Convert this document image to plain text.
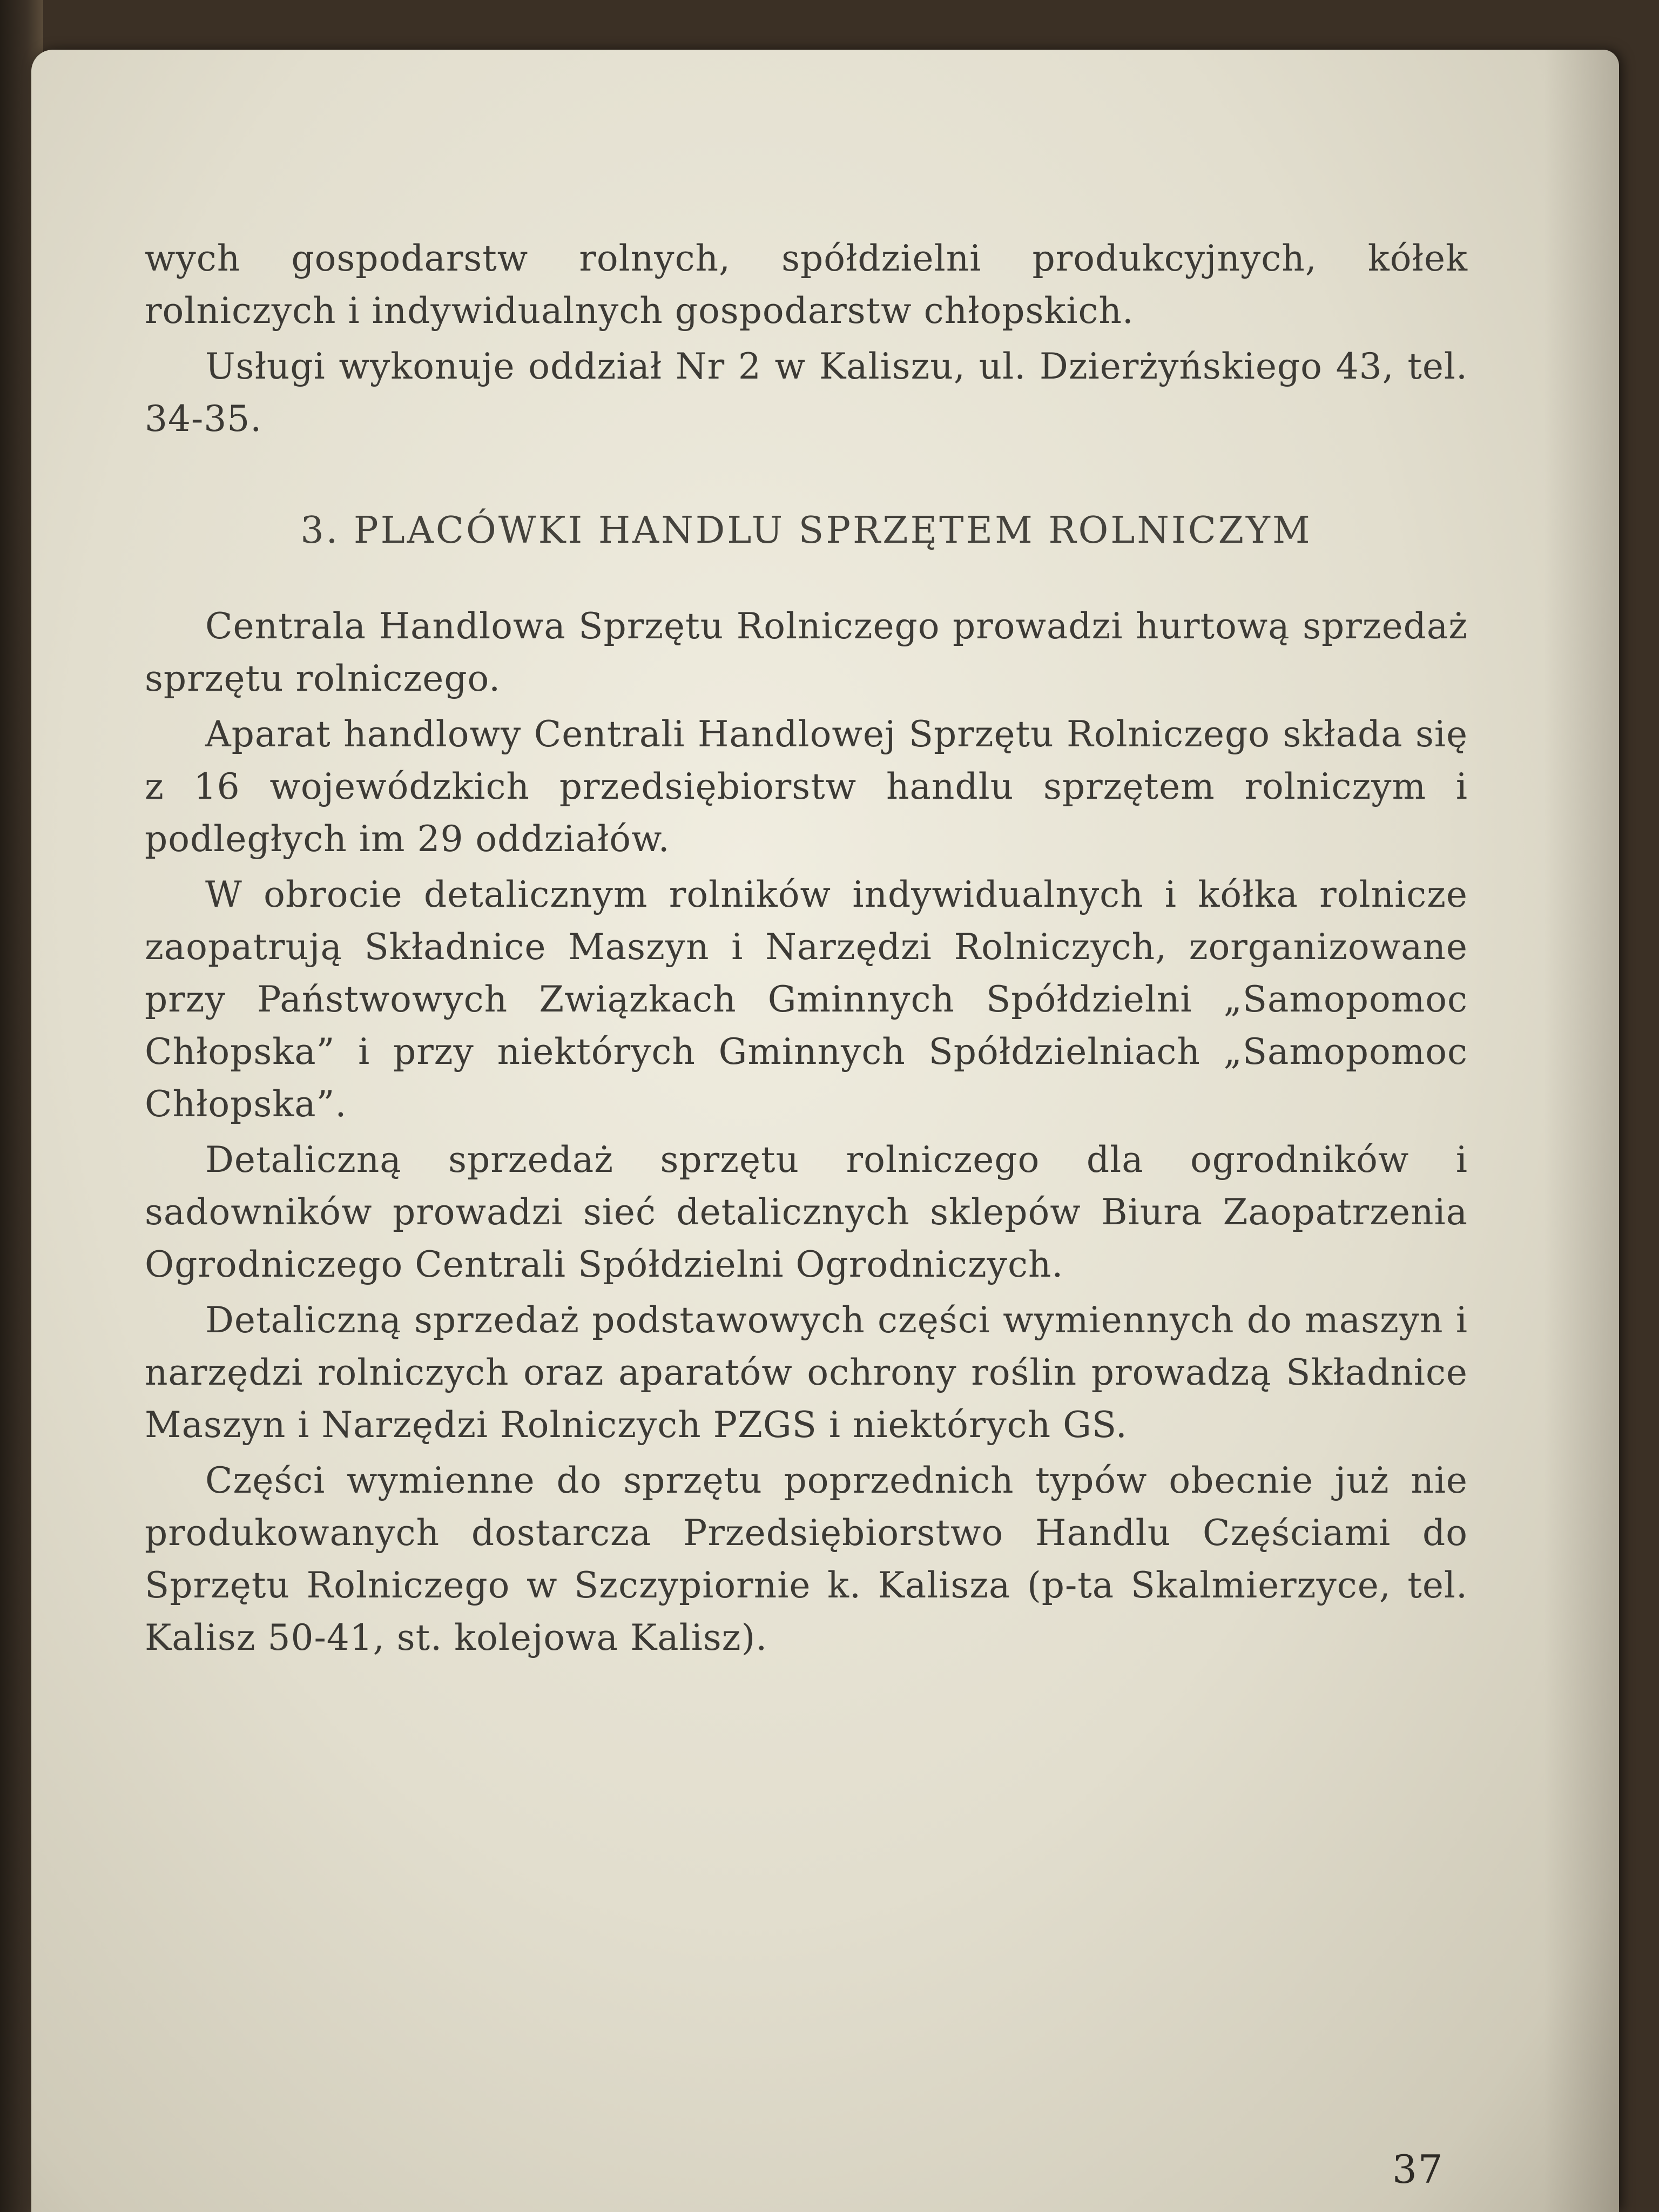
wych gospodarstw rolnych, spółdzielni produkcyjnych, kółek rolniczych i indywidualnych gospodarstw chłopskich.

Usługi wykonuje oddział Nr 2 w Kaliszu, ul. Dzierżyńskiego 43, tel. 34-35.

3. PLACÓWKI HANDLU SPRZĘTEM ROLNICZYM

Centrala Handlowa Sprzętu Rolniczego prowadzi hurtową sprzedaż sprzętu rolniczego.

Aparat handlowy Centrali Handlowej Sprzętu Rolniczego składa się z 16 wojewódzkich przedsiębiorstw handlu sprzętem rolniczym i podległych im 29 oddziałów.

W obrocie detalicznym rolników indywidualnych i kółka rolnicze zaopatrują Składnice Maszyn i Narzędzi Rolniczych, zorganizowane przy Państwowych Związkach Gminnych Spółdzielni „Samopomoc Chłopska” i przy niektórych Gminnych Spółdzielniach „Samopomoc Chłopska”.

Detaliczną sprzedaż sprzętu rolniczego dla ogrodników i sadowników prowadzi sieć detalicznych sklepów Biura Zaopatrzenia Ogrodniczego Centrali Spółdzielni Ogrodniczych.

Detaliczną sprzedaż podstawowych części wymiennych do maszyn i narzędzi rolniczych oraz aparatów ochrony roślin prowadzą Składnice Maszyn i Narzędzi Rolniczych PZGS i niektórych GS.

Części wymienne do sprzętu poprzednich typów obecnie już nie produkowanych dostarcza Przedsiębiorstwo Handlu Częściami do Sprzętu Rolniczego w Szczypiornie k. Kalisza (p-ta Skalmierzyce, tel. Kalisz 50-41, st. kolejowa Kalisz).

37
